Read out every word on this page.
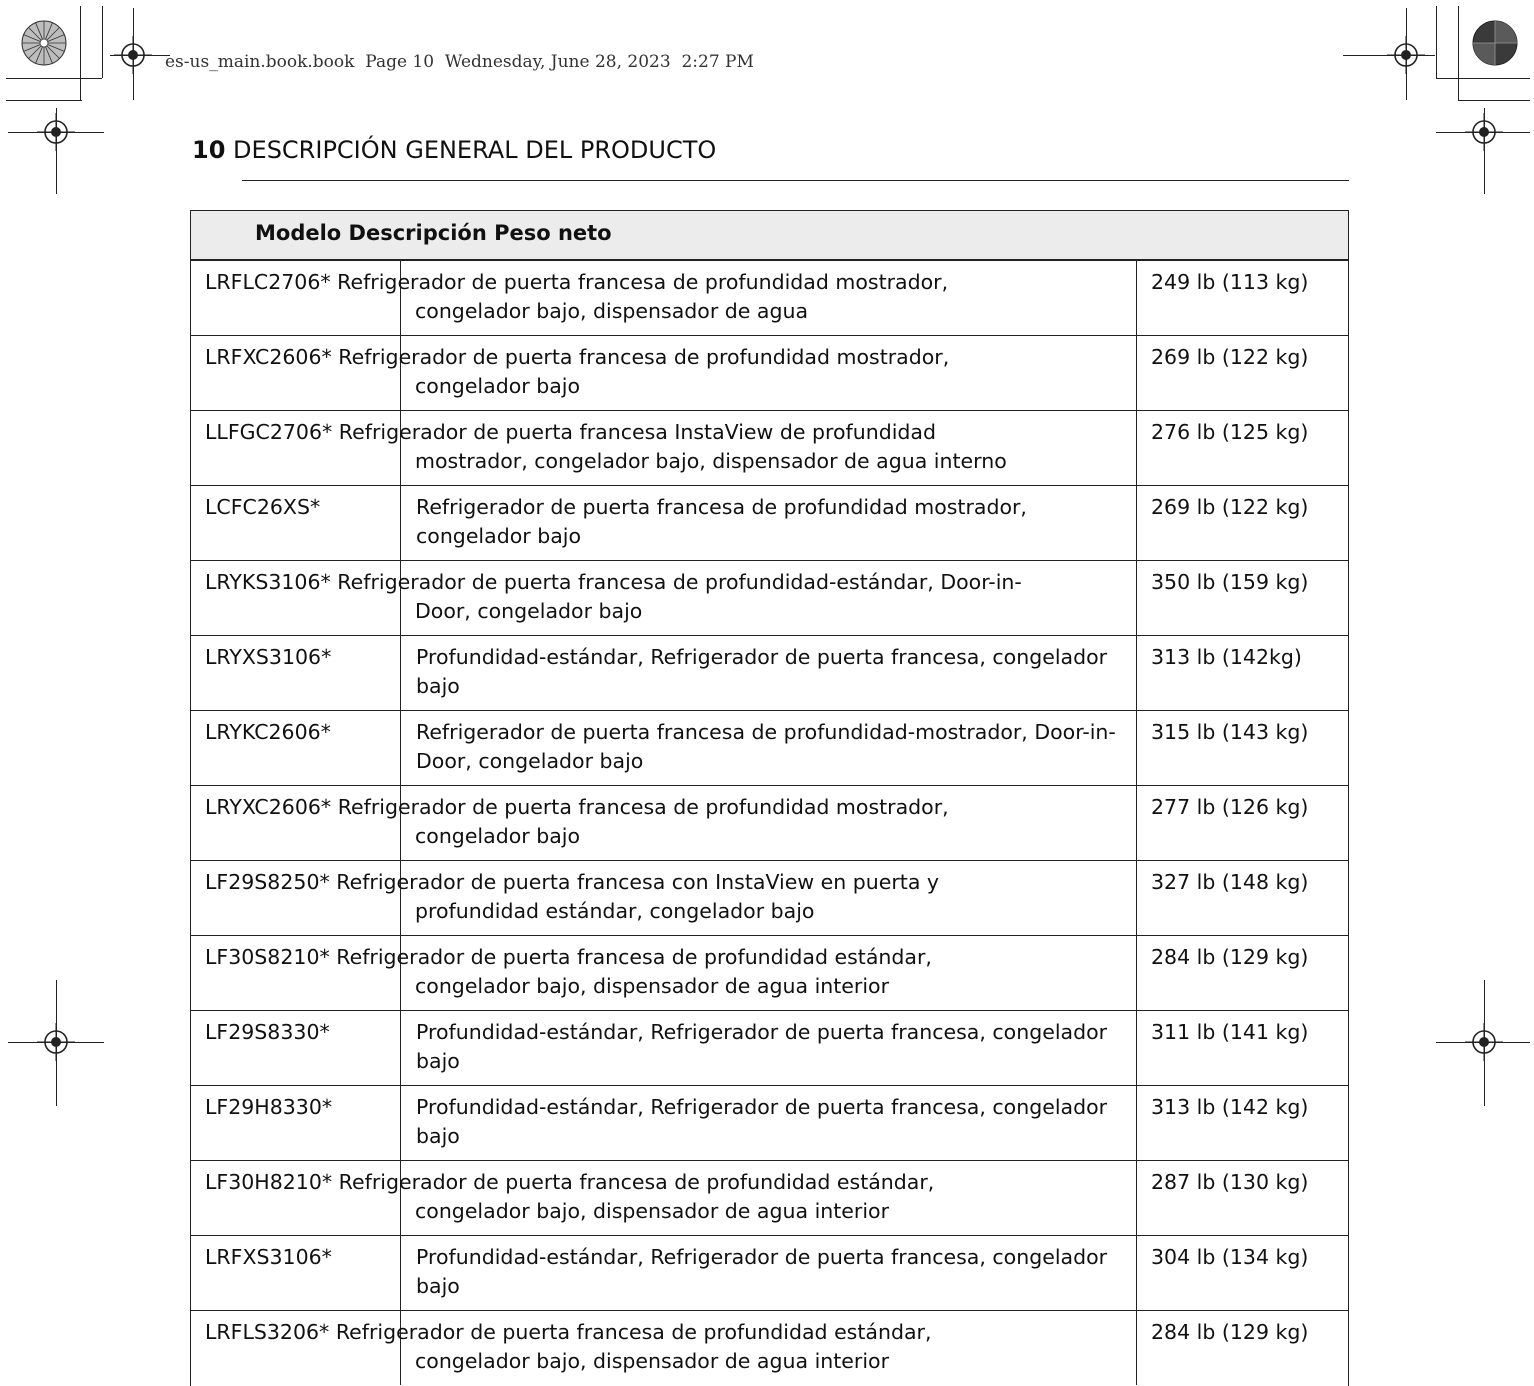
es-us_main.book.book  Page 10  Wednesday, June 28, 2023  2:27 PM
10 DESCRIPCIÓN GENERAL DEL PRODUCTO
Modelo Descripción Peso neto
LRFLC2706* Refrigerador de puerta francesa de profundidad mostrador,
congelador bajo, dispensador de agua
249 lb (113 kg)
LRFXC2606* Refrigerador de puerta francesa de profundidad mostrador,
congelador bajo
269 lb (122 kg)
LLFGC2706* Refrigerador de puerta francesa InstaView de profundidad
mostrador, congelador bajo, dispensador de agua interno
276 lb (125 kg)
LCFC26XS*	Refrigerador de puerta francesa de profundidad mostrador, congelador bajo
269 lb (122 kg)
LRYKS3106* Refrigerador de puerta francesa de profundidad-estándar, Door-in-
Door, congelador bajo
350 lb (159 kg)
LRYXS3106*	Profundidad-estándar, Refrigerador de puerta francesa, congelador bajo
313 lb (142kg)
LRYKC2606*	Refrigerador de puerta francesa de profundidad-mostrador, Door-in-Door, congelador bajo
315 lb (143 kg)
LRYXC2606* Refrigerador de puerta francesa de profundidad mostrador,
congelador bajo
277 lb (126 kg)
LF29S8250* Refrigerador de puerta francesa con InstaView en puerta y
profundidad estándar, congelador bajo
327 lb (148 kg)
LF30S8210* Refrigerador de puerta francesa de profundidad estándar,
congelador bajo, dispensador de agua interior
284 lb (129 kg)
LF29S8330*	Profundidad-estándar, Refrigerador de puerta francesa, congelador bajo
311 lb (141 kg)
LF29H8330*	Profundidad-estándar, Refrigerador de puerta francesa, congelador bajo
313 lb (142 kg)
LF30H8210* Refrigerador de puerta francesa de profundidad estándar,
congelador bajo, dispensador de agua interior
287 lb (130 kg)
LRFXS3106*	Profundidad-estándar, Refrigerador de puerta francesa, congelador bajo
304 lb (134 kg)
LRFLS3206* Refrigerador de puerta francesa de profundidad estándar,
congelador bajo, dispensador de agua interior
284 lb (129 kg)
